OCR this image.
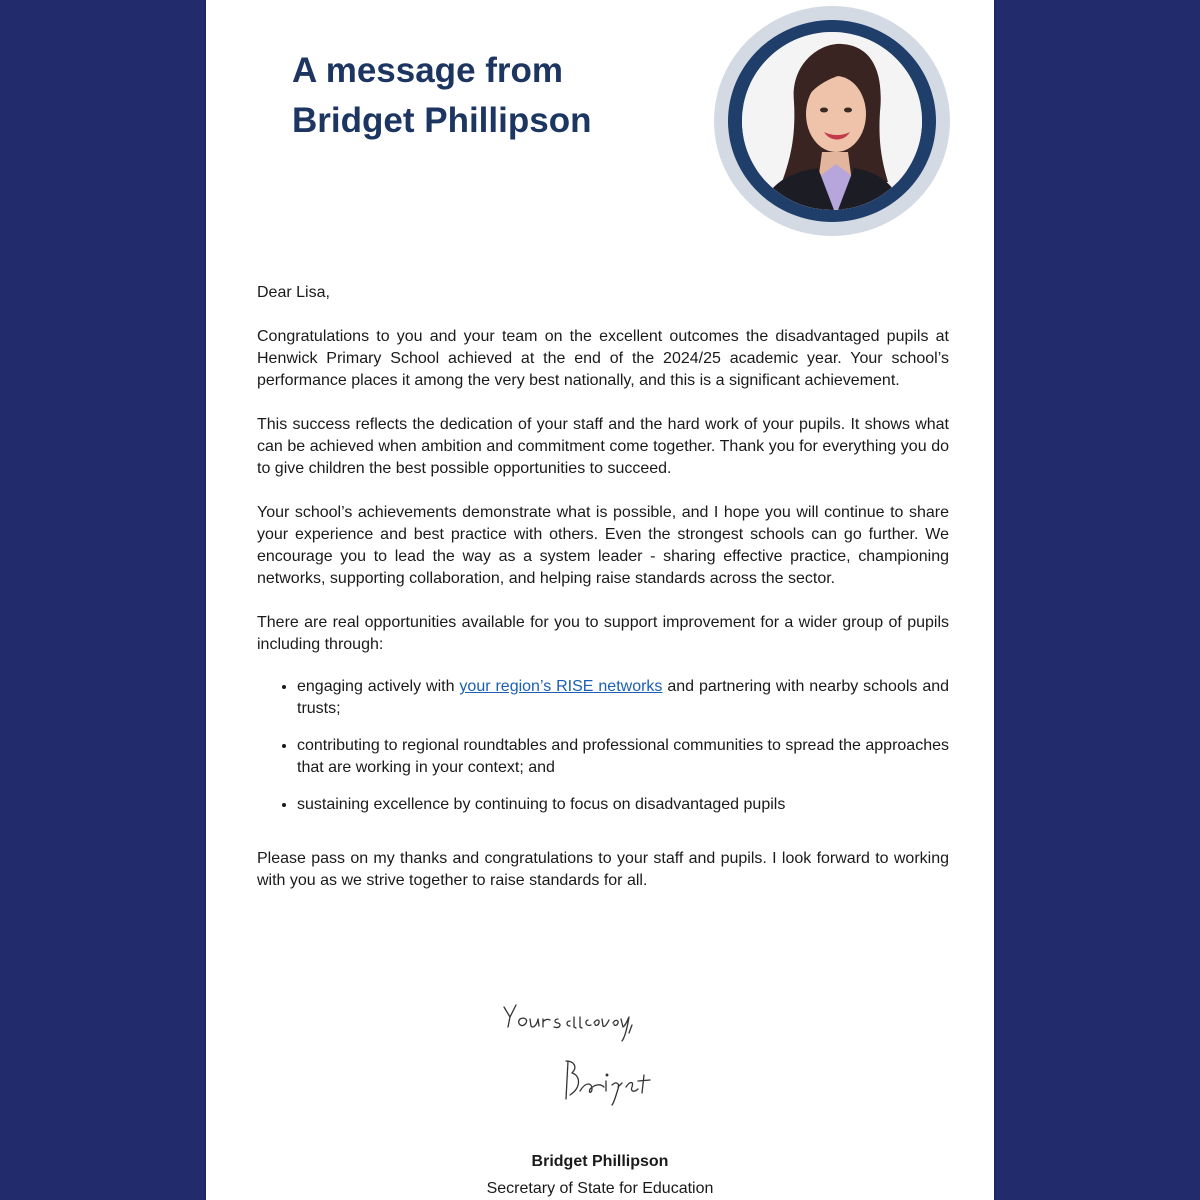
A message from
Bridget Phillipson

Dear Lisa,

Congratulations to you and your team on the excellent outcomes the disadvantaged pupils at Henwick Primary School achieved at the end of the 2024/25 academic year. Your school’s performance places it among the very best nationally, and this is a significant achievement.

This success reflects the dedication of your staff and the hard work of your pupils. It shows what can be achieved when ambition and commitment come together. Thank you for everything you do to give children the best possible opportunities to succeed.

Your school’s achievements demonstrate what is possible, and I hope you will continue to share your experience and best practice with others. Even the strongest schools can go further. We encourage you to lead the way as a system leader - sharing effective practice, championing networks, supporting collaboration, and helping raise standards across the sector.

There are real opportunities available for you to support improvement for a wider group of pupils including through:

• engaging actively with your region’s RISE networks and partnering with nearby schools and trusts;
• contributing to regional roundtables and professional communities to spread the approaches that are working in your context; and
• sustaining excellence by continuing to focus on disadvantaged pupils

Please pass on my thanks and congratulations to your staff and pupils. I look forward to working with you as we strive together to raise standards for all.

Bridget Phillipson
Secretary of State for Education
